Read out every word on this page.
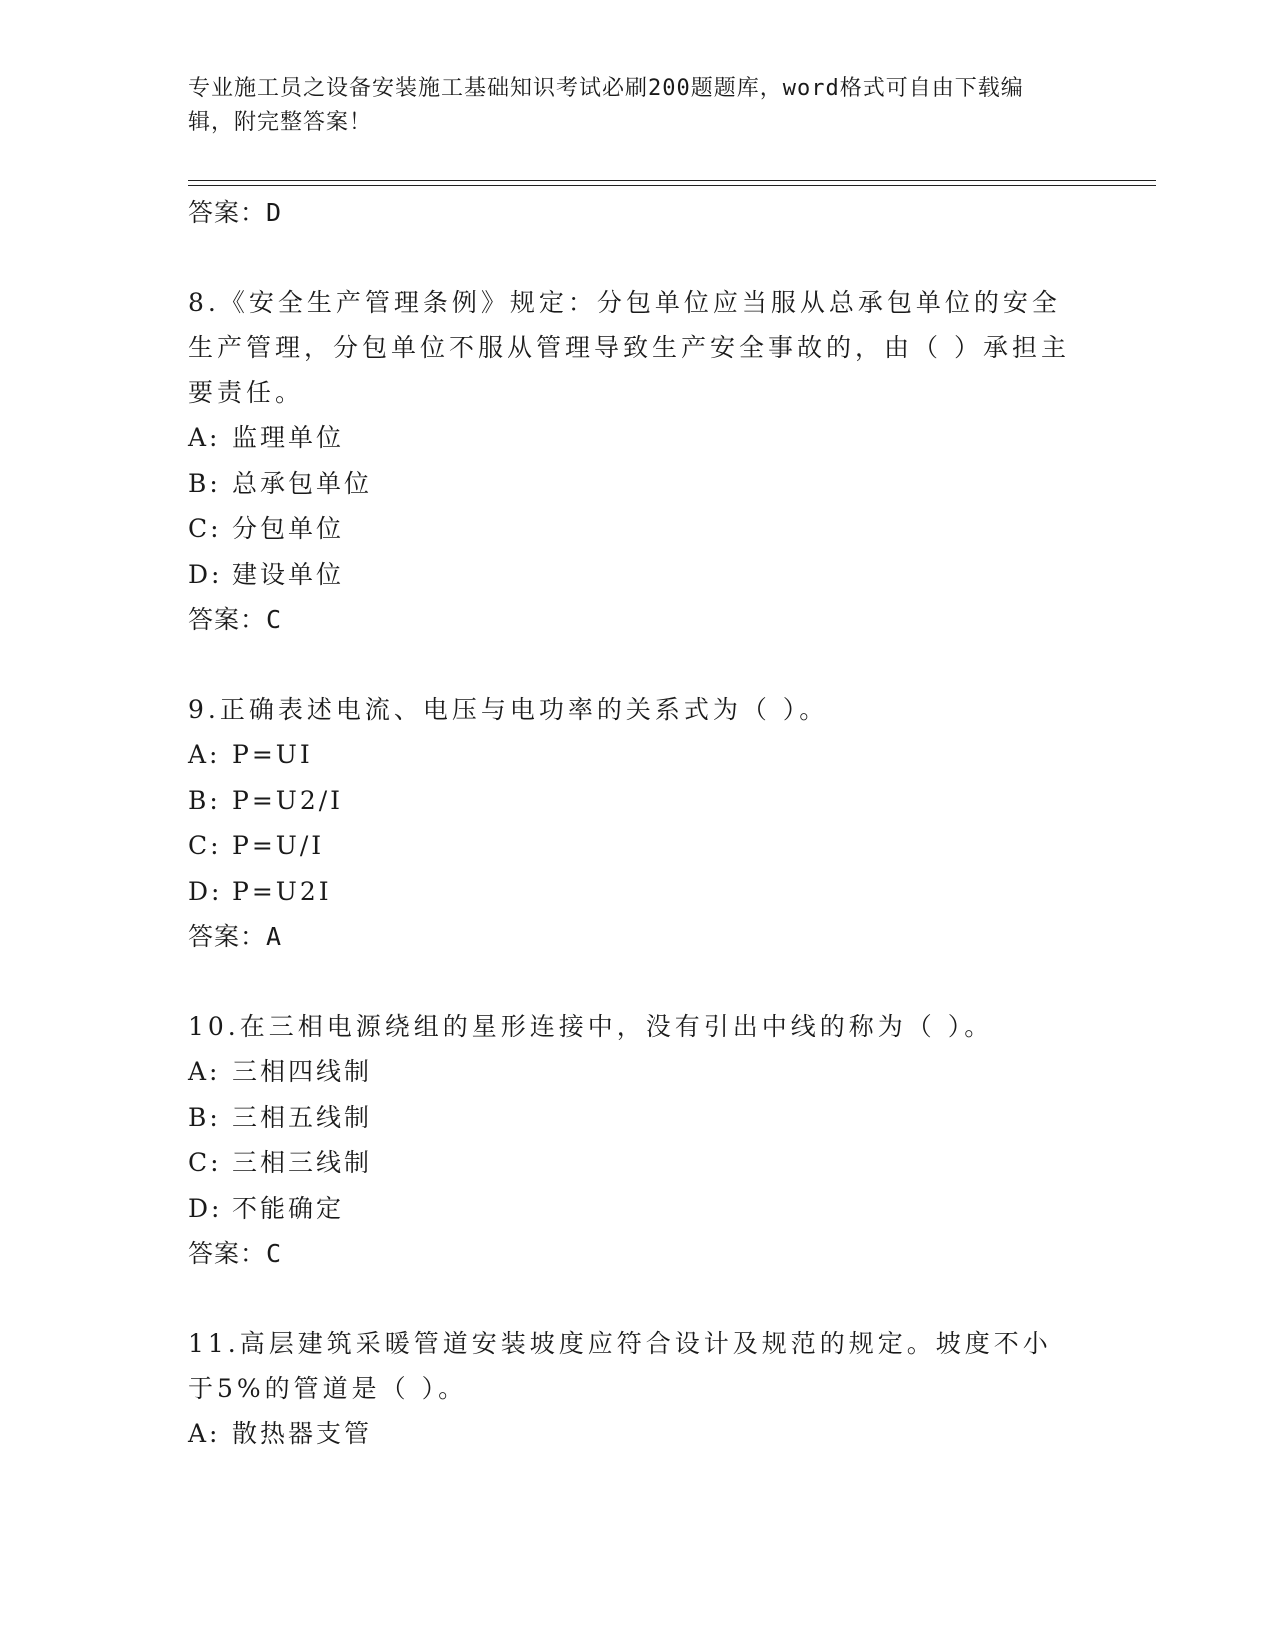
专业施工员之设备安装施工基础知识考试必刷200题题库，word格式可自由下载编辑，附完整答案！
答案：D
8.《安全生产管理条例》规定：分包单位应当服从总承包单位的安全生产管理，分包单位不服从管理导致生产安全事故的，由（ ）承担主要责任。
A: 监理单位
B: 总承包单位
C: 分包单位
D: 建设单位
答案：C
9.正确表述电流、电压与电功率的关系式为（ ）。
A: P=UI
B: P=U2/I
C: P=U/I
D: P=U2I
答案：A
10.在三相电源绕组的星形连接中，没有引出中线的称为（ ）。
A: 三相四线制
B: 三相五线制
C: 三相三线制
D: 不能确定
答案：C
11.高层建筑采暖管道安装坡度应符合设计及规范的规定。坡度不小于5%的管道是（ ）。
A: 散热器支管
